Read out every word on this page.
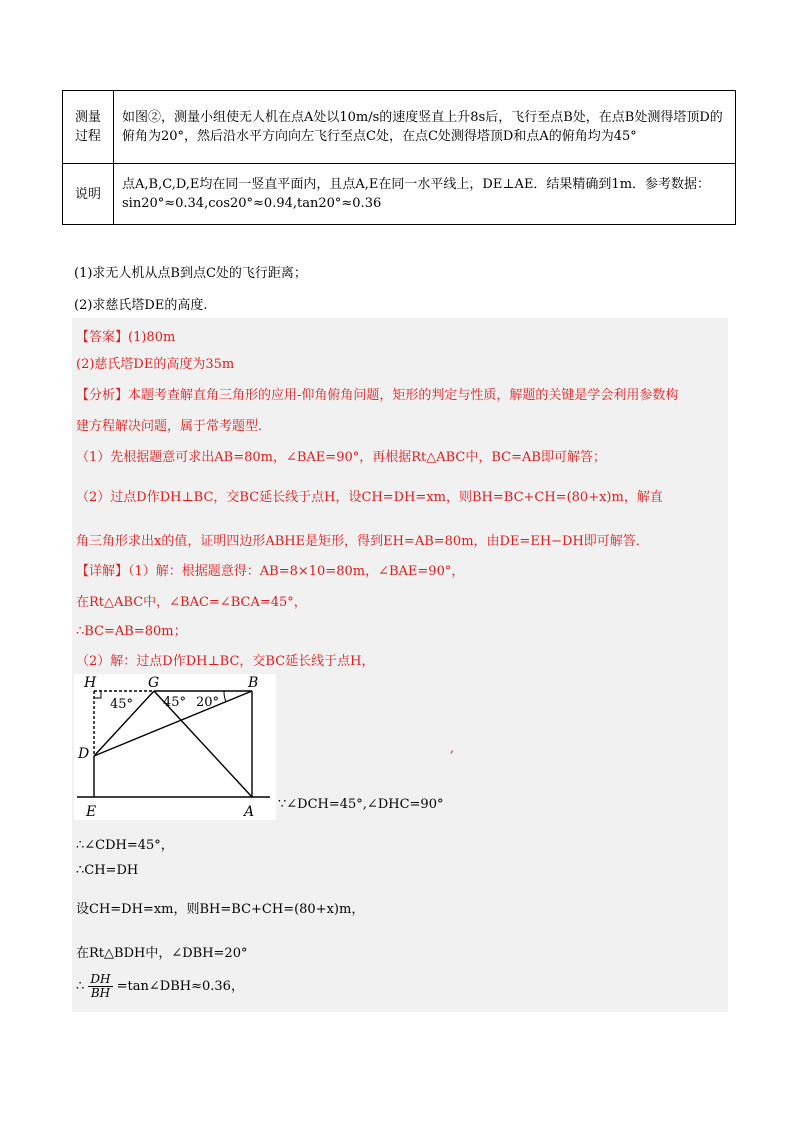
测量过程	如图②，测量小组使无人机在点A处以10m/s的速度竖直上升8s后，飞行至点B处，在点B处测得塔顶D的俯角为20°，然后沿水平方向向左飞行至点C处，在点C处测得塔顶D和点A的俯角均为45°
说明	点A,B,C,D,E均在同一竖直平面内，且点A,E在同一水平线上，DE⊥AE．结果精确到1m．参考数据：sin20°≈0.34,cos20°≈0.94,tan20°≈0.36
(1)求无人机从点B到点C处的飞行距离；
(2)求慈氏塔DE的高度.
【答案】(1)80m
(2)慈氏塔DE的高度为35m
【分析】本题考查解直角三角形的应用-仰角俯角问题，矩形的判定与性质，解题的关键是学会利用参数构
建方程解决问题，属于常考题型．
（1）先根据题意可求出AB=80m，∠BAE=90°，再根据Rt△ABC中，BC=AB即可解答；
（2）过点D作DH⊥BC，交BC延长线于点H，设CH=DH=xm，则BH=BC+CH=(80+x)m，解直
角三角形求出x的值，证明四边形ABHE是矩形，得到EH=AB=80m，由DE=EH−DH即可解答．
【详解】（1）解：根据题意得：AB=8×10=80m，∠BAE=90°，
在Rt△ABC中，∠BAC=∠BCA=45°，
∴BC=AB=80m；
（2）解：过点D作DH⊥BC，交BC延长线于点H，
H	G	B
D
E	A
45° 45° 20°
,
∵∠DCH=45°,∠DHC=90°
∴∠CDH=45°，
∴CH=DH
设CH=DH=xm，则BH=BC+CH=(80+x)m，
在Rt△BDH中，∠DBH=20°
∴ $\frac{DH}{BH}$ =tan∠DBH≈0.36，
